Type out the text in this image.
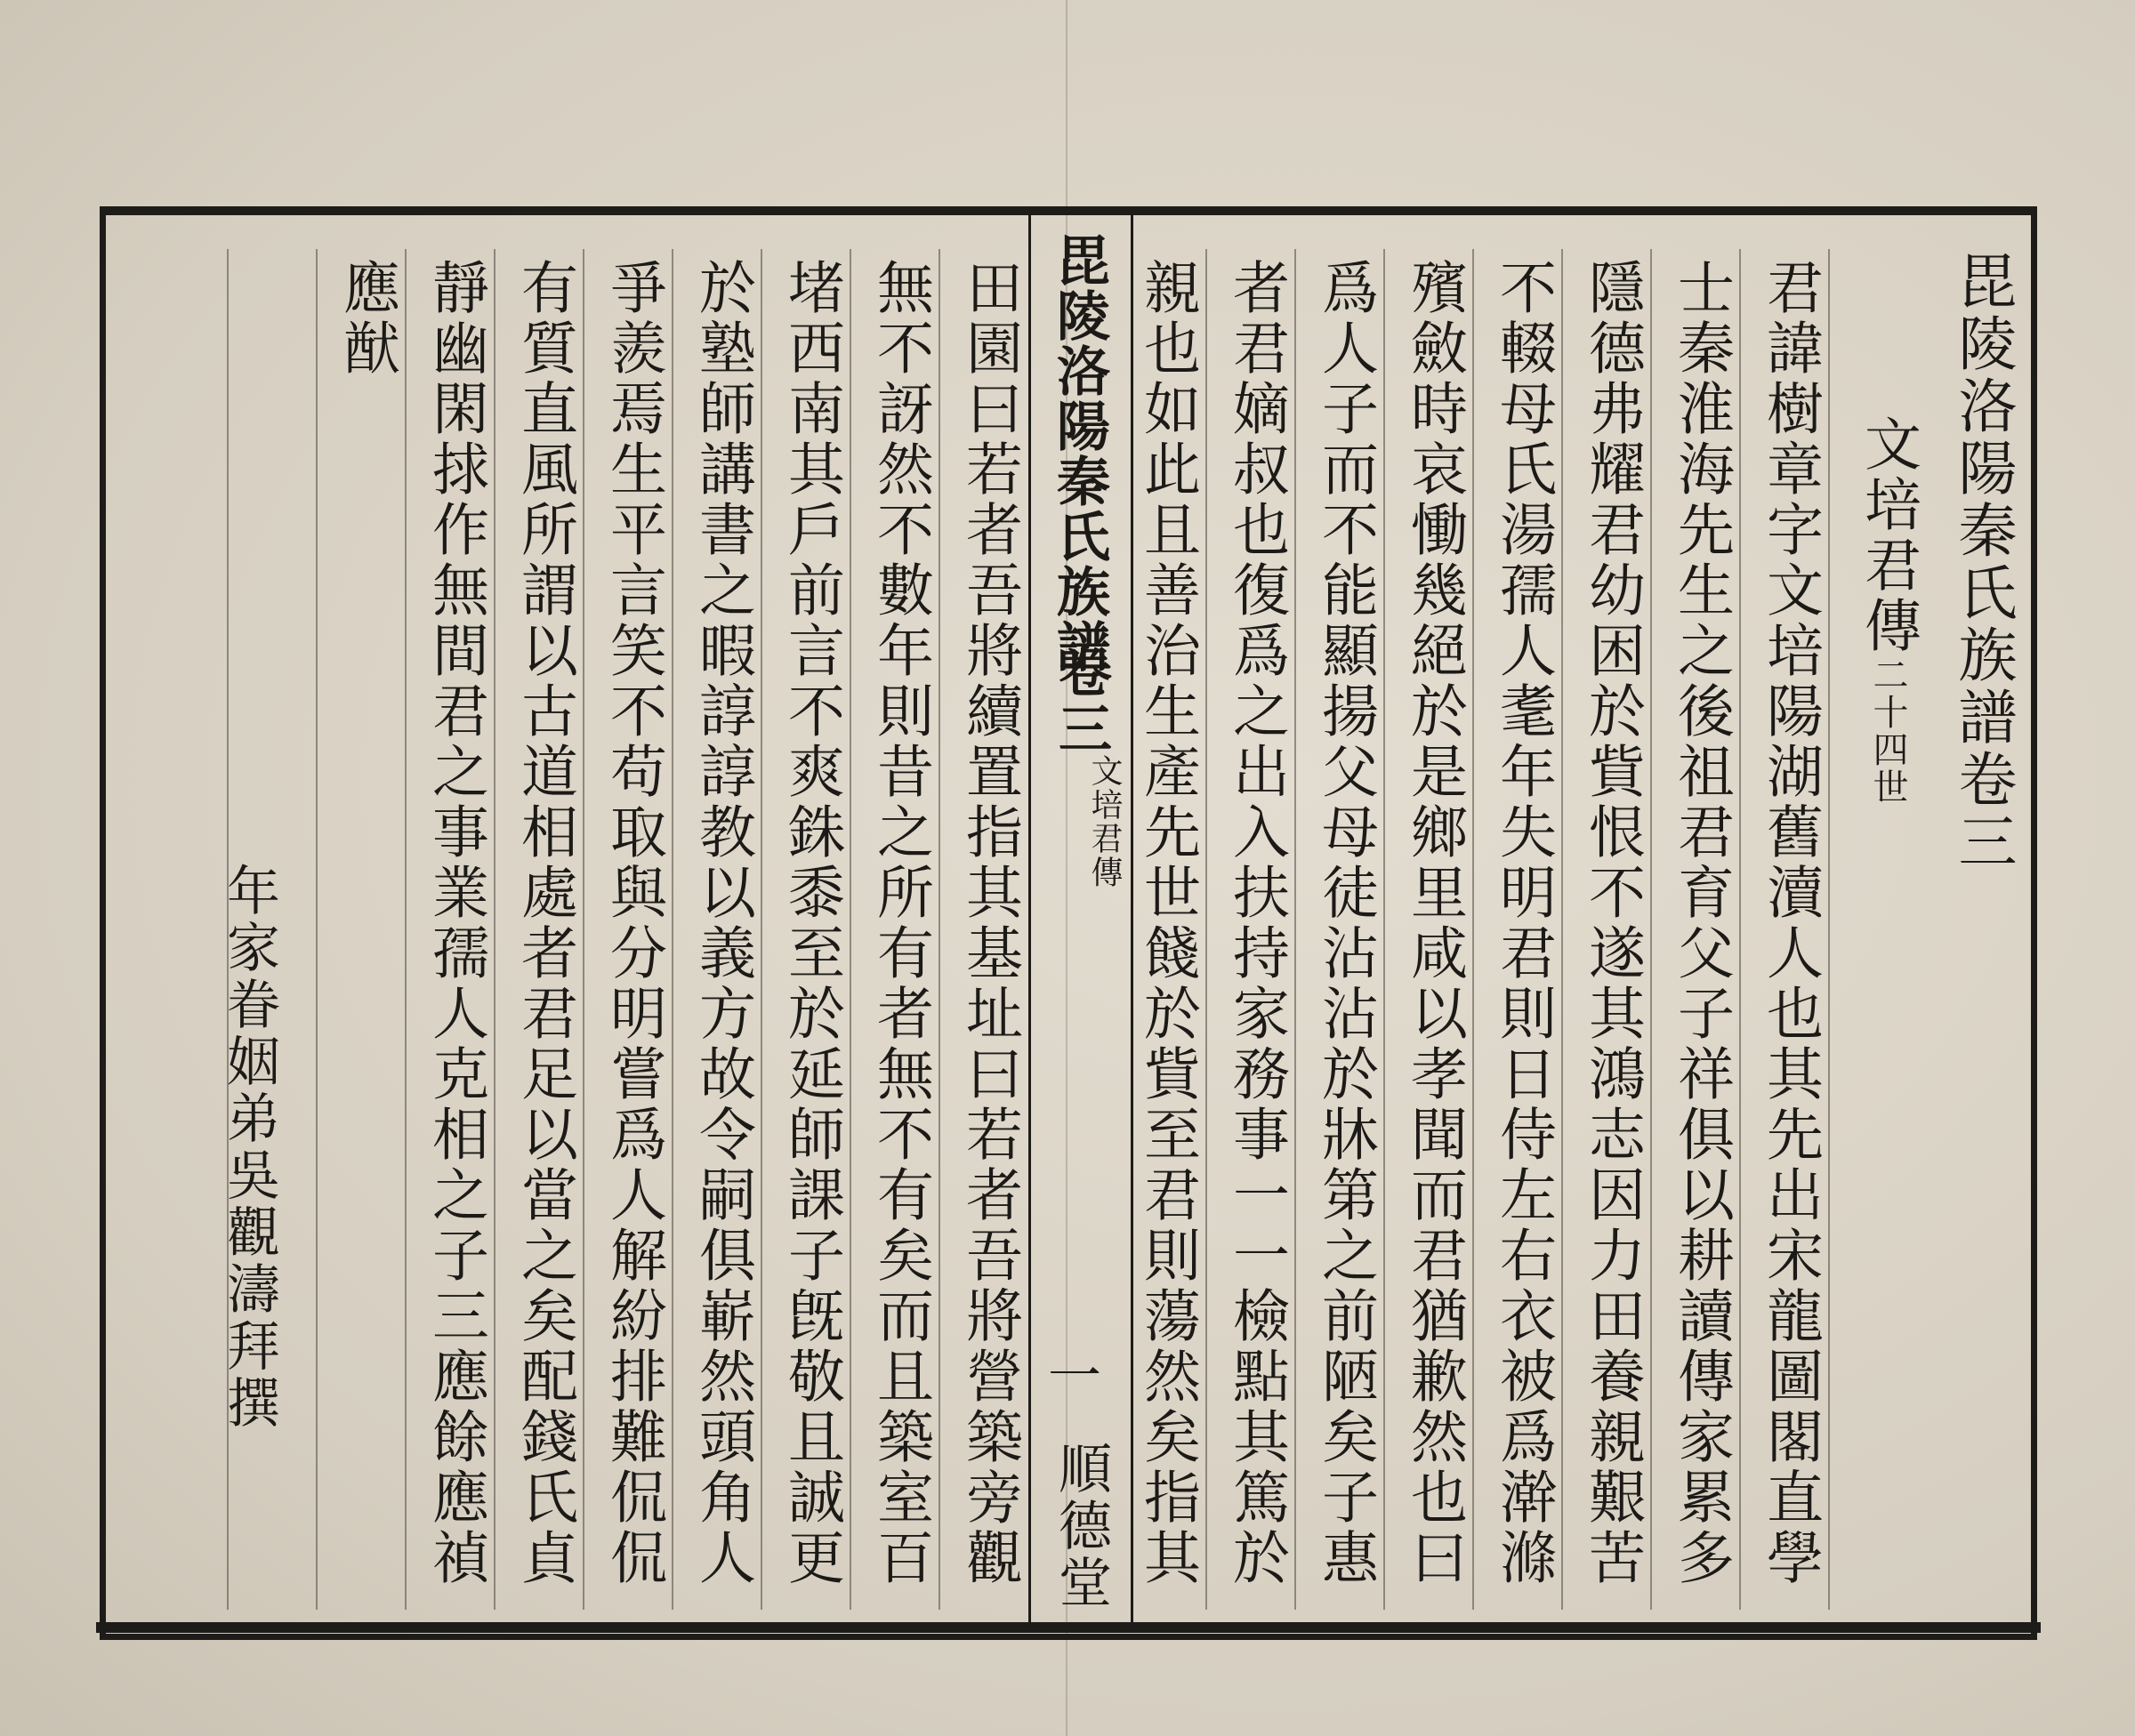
毘陵洛陽秦氏族譜卷三
文培君傳二十四世
君諱樹章字文培陽湖舊瀆人也其先出宋龍圖閣直學
士秦淮海先生之後祖君育父子祥俱以耕讀傳家累多
隱德弗耀君幼困於貲恨不遂其鴻志因力田養親艱苦
不輟母氏湯孺人耄年失明君則日侍左右衣被爲澣滌
殯斂時哀慟幾絕於是鄉里咸以孝聞而君猶歉然也曰
爲人子而不能顯揚父母徒沾沾於牀第之前陋矣子惠
者君嫡叔也復爲之出入扶持家務事一一檢點其篤於
親也如此且善治生產先世餞於貲至君則蕩然矣指其
毘陵洛陽秦氏族譜
卷三
文培君傳
一
順德堂
田園曰若者吾將續置指其基址曰若者吾將營築旁觀
無不訝然不數年則昔之所有者無不有矣而且築室百
堵西南其戶前言不爽銖黍至於延師課子旣敬且誠更
於塾師講書之暇諄諄教以義方故令嗣俱嶄然頭角人
爭羨焉生平言笑不苟取與分明嘗爲人解紛排難侃侃
有質直風所謂以古道相處者君足以當之矣配錢氏貞
靜幽閑捄作無間君之事業孺人克相之子三應餘應禎
應猷
年家眷姻弟吳觀濤拜撰
